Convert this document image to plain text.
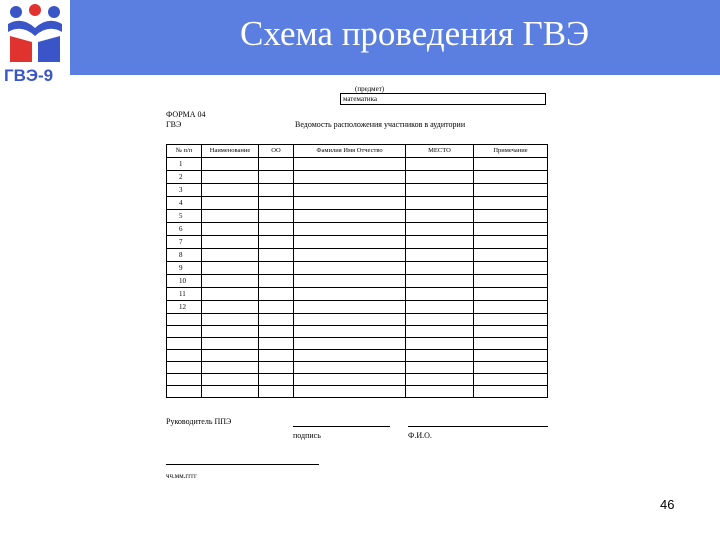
Схема проведения ГВЭ
ГВЭ-9
(предмет)
математика
ФОРМА 04
ГВЭ	Ведомость расположения участников в аудитории
№ п/п	Наименование	ОО	Фамилия Имя Отчество	МЕСТО	Примечание
1					
2					
3					
4					
5					
6					
7					
8					
9					
10					
11					
12					

Руководитель ППЭ
подпись	Ф.И.О.
чч.мм.гггг
46
